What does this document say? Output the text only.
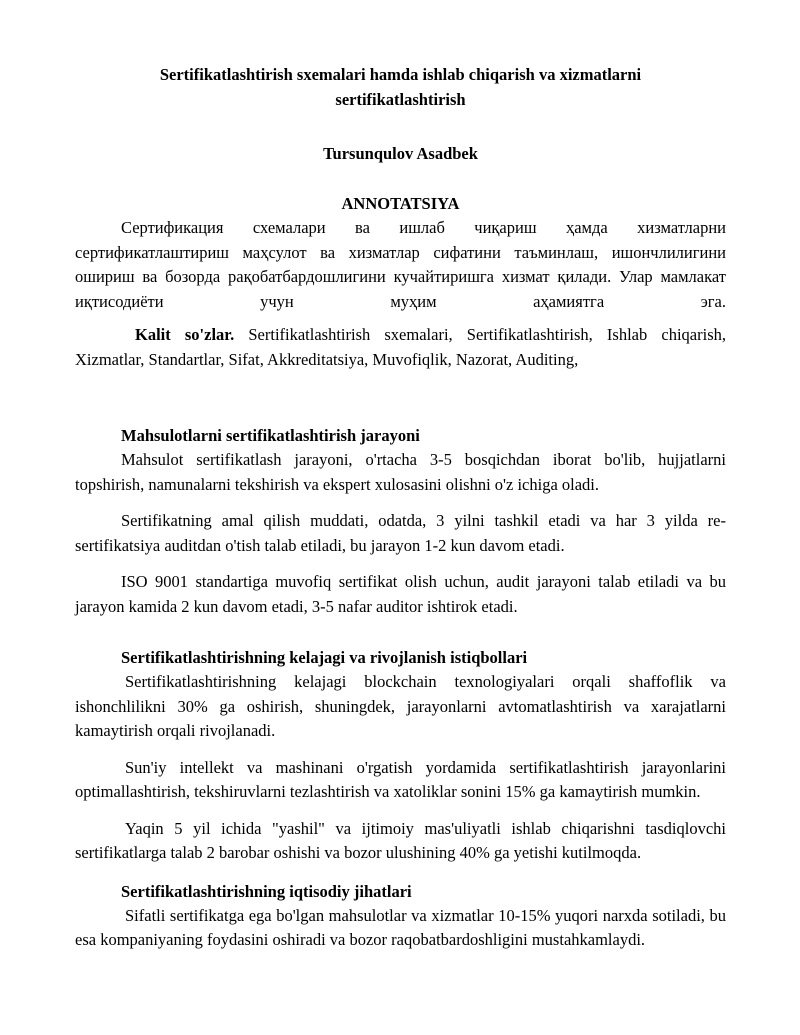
Sertifikatlashtirish sxemalari hamda ishlab chiqarish va xizmatlarni sertifikatlashtirish
Tursunqulov Asadbek
ANNOTATSIYA

Сертификация схемалари ва ишлаб чиқариш ҳамда хизматларни сертификатлаштириш маҳсулот ва хизматлар сифатини таъминлаш, ишончлилигини ошириш ва бозорда рақобатбардошлигини кучайтиришга хизмат қилади. Улар мамлакат иқтисодиёти учун муҳим аҳамиятга эга.

Kalit so'zlar. Sertifikatlashtirish sxemalari, Sertifikatlashtirish, Ishlab chiqarish, Xizmatlar, Standartlar, Sifat, Akkreditatsiya, Muvofiqlik, Nazorat, Auditing,

Mahsulotlarni sertifikatlashtirish jarayoni

Mahsulot sertifikatlash jarayoni, o'rtacha 3-5 bosqichdan iborat bo'lib, hujjatlarni topshirish, namunalarni tekshirish va ekspert xulosasini olishni o'z ichiga oladi.

Sertifikatning amal qilish muddati, odatda, 3 yilni tashkil etadi va har 3 yilda re-sertifikatsiya auditdan o'tish talab etiladi, bu jarayon 1-2 kun davom etadi.

ISO 9001 standartiga muvofiq sertifikat olish uchun, audit jarayoni talab etiladi va bu jarayon kamida 2 kun davom etadi, 3-5 nafar auditor ishtirok etadi.

Sertifikatlashtirishning kelajagi va rivojlanish istiqbollari

Sertifikatlashtirishning kelajagi blockchain texnologiyalari orqali shaffoflik va ishonchlilikni 30% ga oshirish, shuningdek, jarayonlarni avtomatlashtirish va xarajatlarni kamaytirish orqali rivojlanadi.

Sun'iy intellekt va mashinani o'rgatish yordamida sertifikatlashtirish jarayonlarini optimallashtirish, tekshiruvlarni tezlashtirish va xatoliklar sonini 15% ga kamaytirish mumkin.

Yaqin 5 yil ichida "yashil" va ijtimoiy mas'uliyatli ishlab chiqarishni tasdiqlovchi sertifikatlarga talab 2 barobar oshishi va bozor ulushining 40% ga yetishi kutilmoqda.

Sertifikatlashtirishning iqtisodiy jihatlari

Sifatli sertifikatga ega bo'lgan mahsulotlar va xizmatlar 10-15% yuqori narxda sotiladi, bu esa kompaniyaning foydasini oshiradi va bozor raqobatbardoshligini mustahkamlaydi.
